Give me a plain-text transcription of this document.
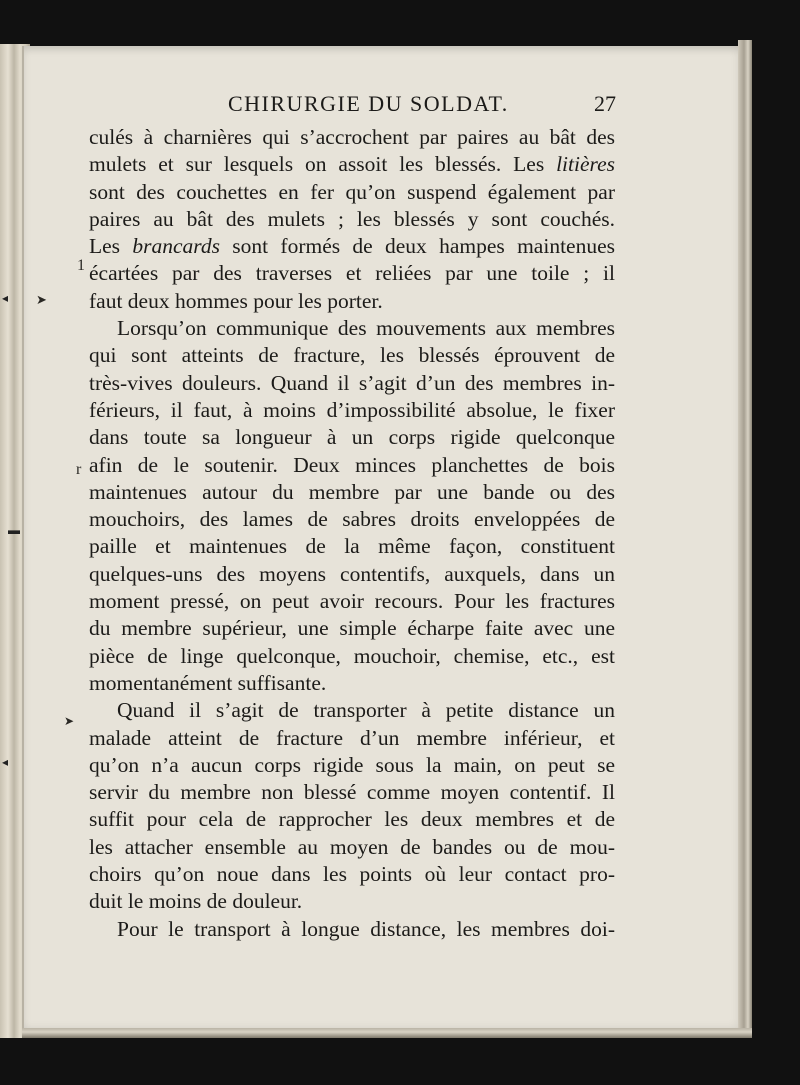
◂
▬
◂
CHIRURGIE DU SOLDAT.	27
1
r
➤
➤
culés à charnières qui s’accrochent par paires au bât des
mulets et sur lesquels on assoit les blessés. Les litières
sont des couchettes en fer qu’on suspend également par
paires au bât des mulets ; les blessés y sont couchés.
Les brancards sont formés de deux hampes maintenues
écartées par des traverses et reliées par une toile ; il
faut deux hommes pour les porter.
Lorsqu’on communique des mouvements aux membres
qui sont atteints de fracture, les blessés éprouvent de
très-vives douleurs. Quand il s’agit d’un des membres in-
férieurs, il faut, à moins d’impossibilité absolue, le fixer
dans toute sa longueur à un corps rigide quelconque
afin de le soutenir. Deux minces planchettes de bois
maintenues autour du membre par une bande ou des
mouchoirs, des lames de sabres droits enveloppées de
paille et maintenues de la même façon, constituent
quelques-uns des moyens contentifs, auxquels, dans un
moment pressé, on peut avoir recours. Pour les fractures
du membre supérieur, une simple écharpe faite avec une
pièce de linge quelconque, mouchoir, chemise, etc., est
momentanément suffisante.
Quand il s’agit de transporter à petite distance un
malade atteint de fracture d’un membre inférieur, et
qu’on n’a aucun corps rigide sous la main, on peut se
servir du membre non blessé comme moyen contentif. Il
suffit pour cela de rapprocher les deux membres et de
les attacher ensemble au moyen de bandes ou de mou-
choirs qu’on noue dans les points où leur contact pro-
duit le moins de douleur.
Pour le transport à longue distance, les membres doi-
